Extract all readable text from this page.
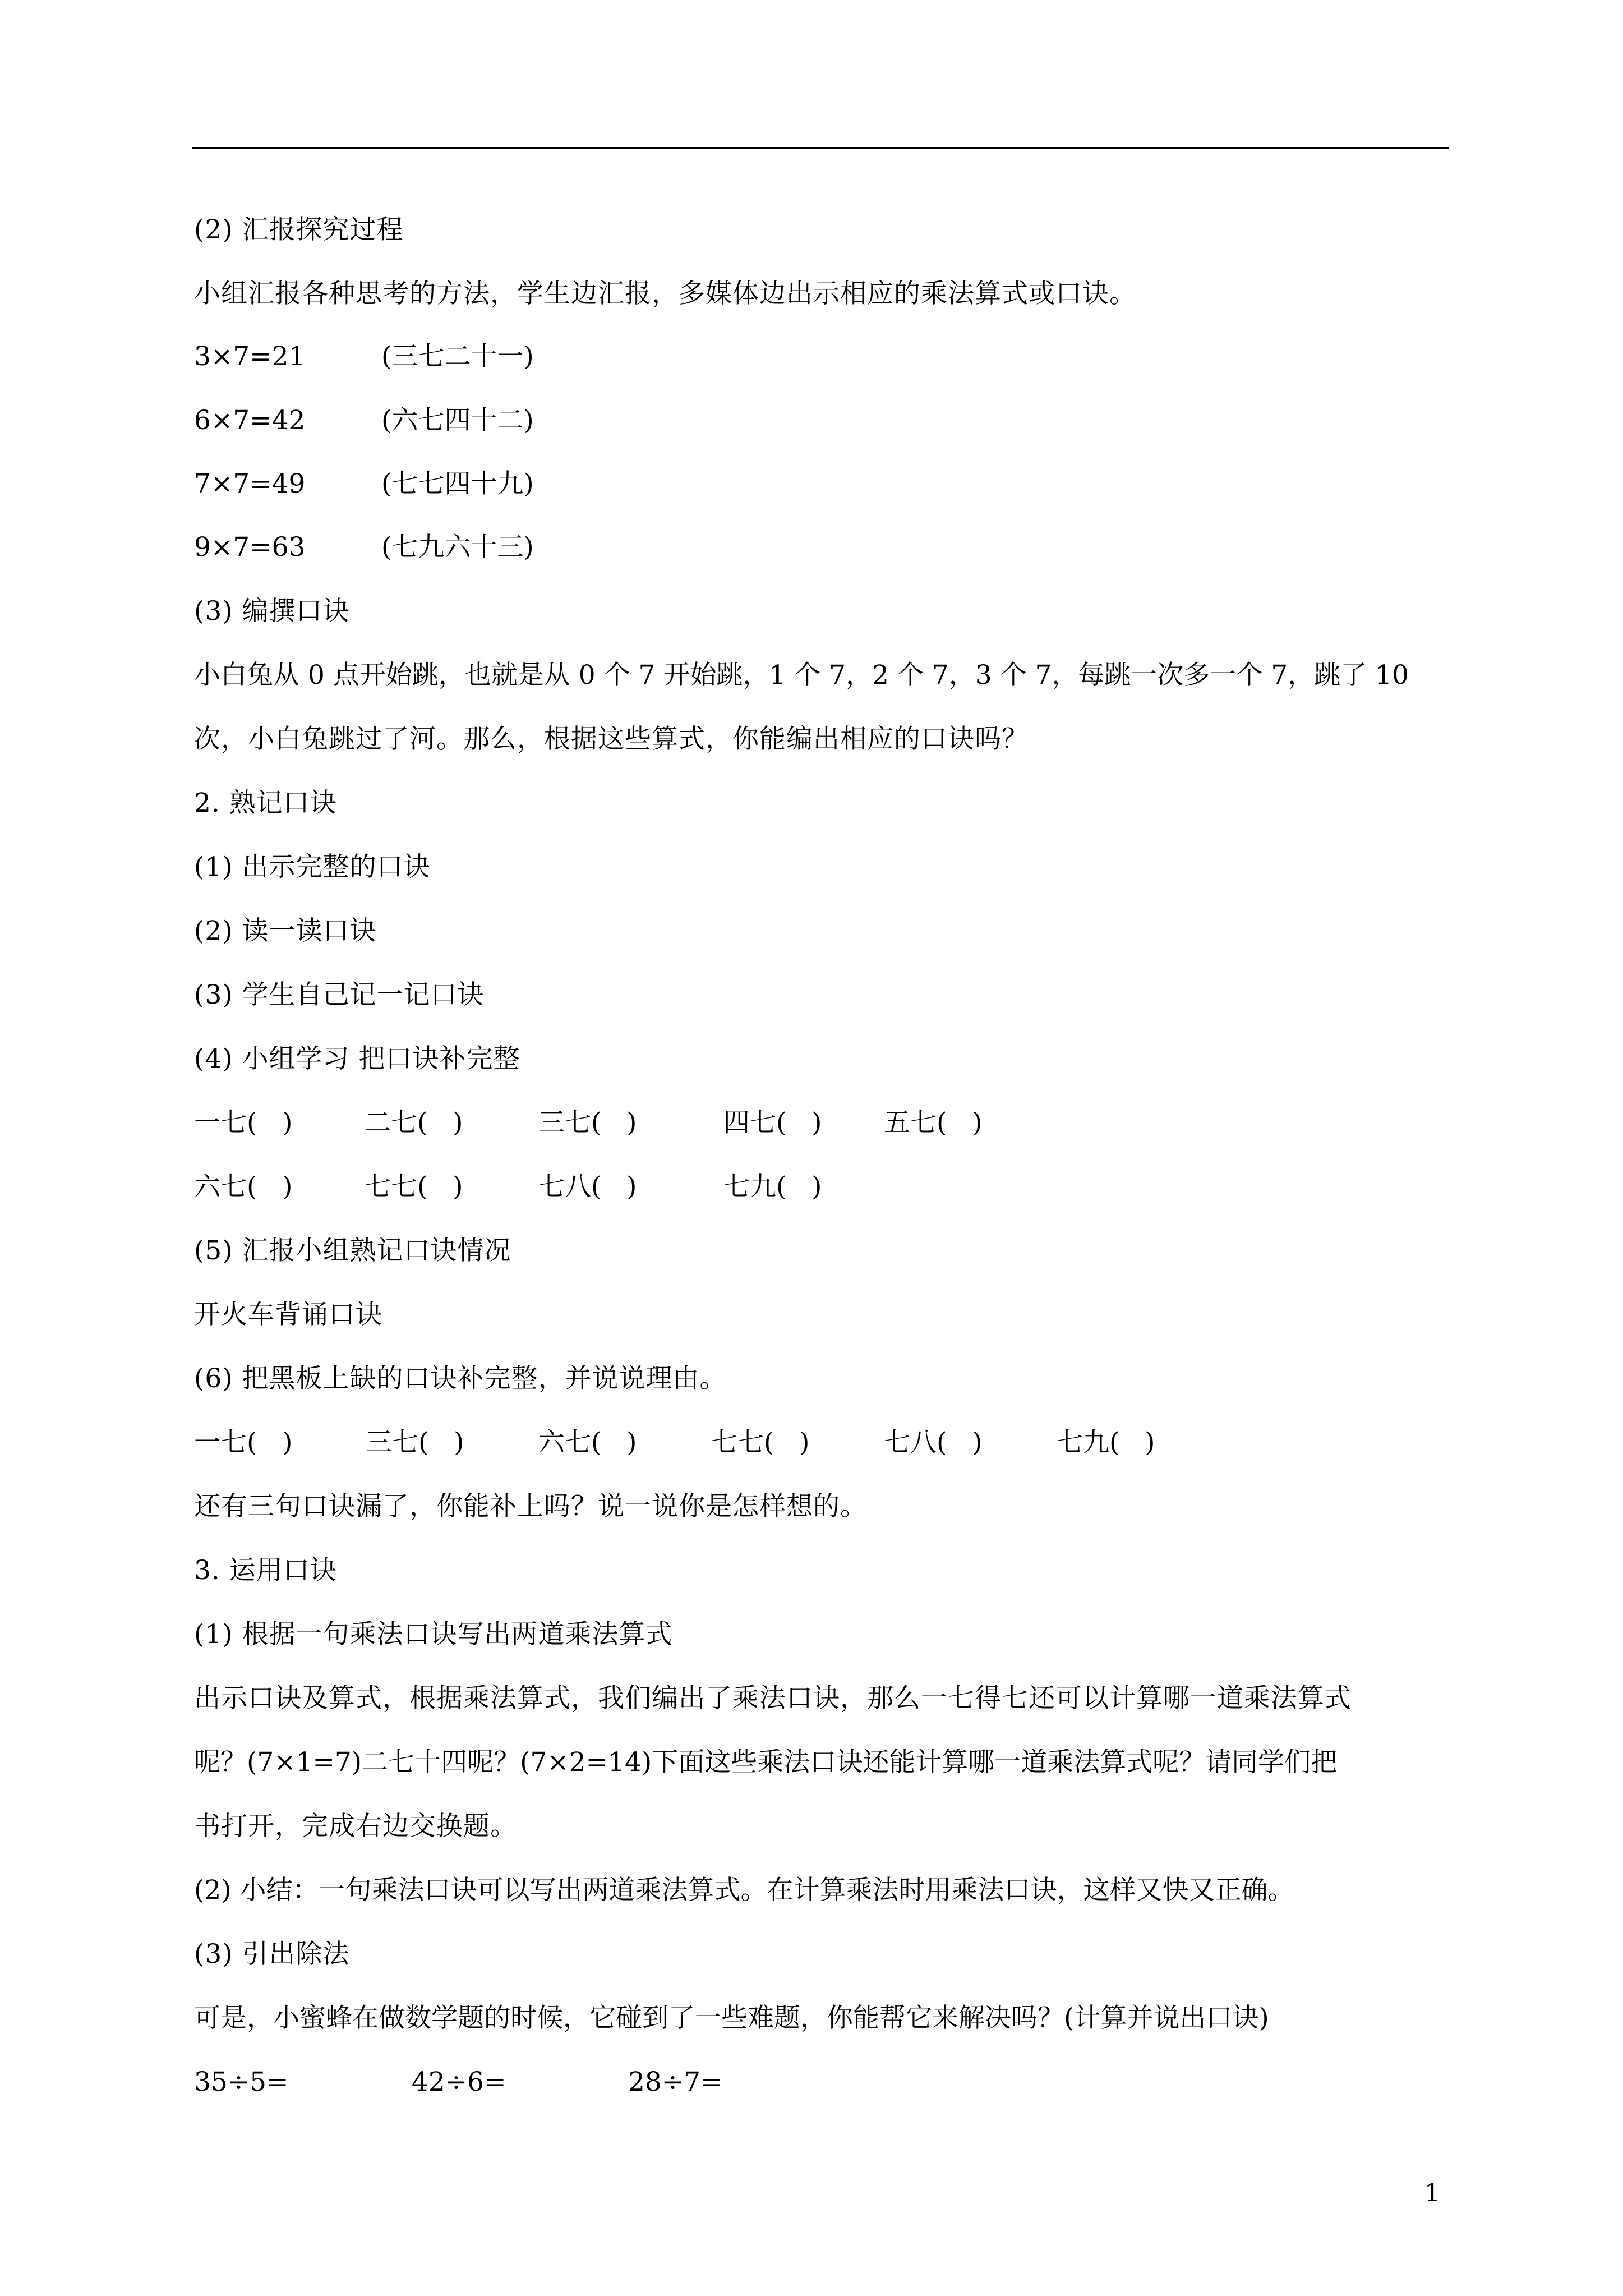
(2) 汇报探究过程
小组汇报各种思考的方法，学生边汇报，多媒体边出示相应的乘法算式或口诀。
3×7=21	(三七二十一)
6×7=42	(六七四十二)
7×7=49	(七七四十九)
9×7=63	(七九六十三)
(3) 编撰口诀
小白兔从 0 点开始跳，也就是从 0 个 7 开始跳，1 个 7，2 个 7，3 个 7，每跳一次多一个 7，跳了 10
次，小白兔跳过了河。那么，根据这些算式，你能编出相应的口诀吗？
2. 熟记口诀
(1) 出示完整的口诀
(2) 读一读口诀
(3) 学生自己记一记口诀
(4) 小组学习 把口诀补完整
一七(   )	二七(   )	三七(   )	四七(   ) 五七(   )
六七(   )	七七(   )	七八(   )	七九(   )
(5) 汇报小组熟记口诀情况
开火车背诵口诀
(6) 把黑板上缺的口诀补完整，并说说理由。
一七(   )	三七(   )	六七(   )	七七(   )	七八(   )	七九(   )
还有三句口诀漏了，你能补上吗？说一说你是怎样想的。
3. 运用口诀
(1) 根据一句乘法口诀写出两道乘法算式
出示口诀及算式，根据乘法算式，我们编出了乘法口诀，那么一七得七还可以计算哪一道乘法算式
呢？(7×1=7)二七十四呢？(7×2=14)下面这些乘法口诀还能计算哪一道乘法算式呢？请同学们把
书打开，完成右边交换题。
(2) 小结：一句乘法口诀可以写出两道乘法算式。在计算乘法时用乘法口诀，这样又快又正确。
(3) 引出除法
可是，小蜜蜂在做数学题的时候，它碰到了一些难题，你能帮它来解决吗？(计算并说出口诀)
35÷5=	42÷6=	28÷7=
1
